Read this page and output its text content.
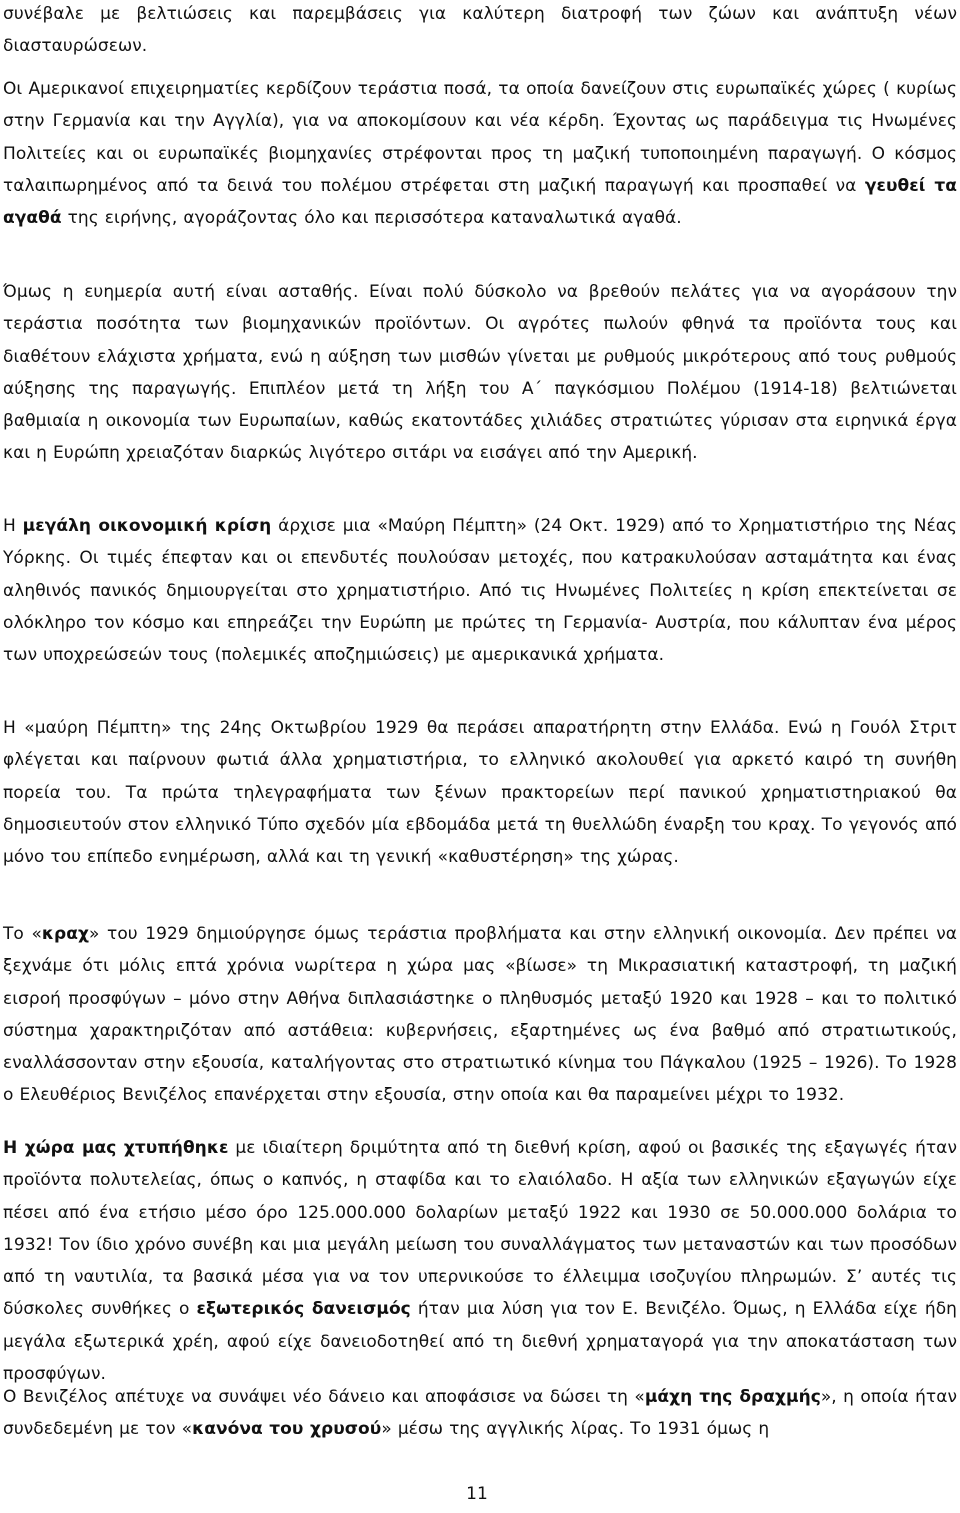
συνέβαλε με βελτιώσεις και παρεμβάσεις για καλύτερη διατροφή των ζώων και ανάπτυξη νέων διασταυρώσεων.

Οι Αμερικανοί επιχειρηματίες κερδίζουν τεράστια ποσά, τα οποία δανείζουν στις ευρωπαϊκές χώρες ( κυρίως στην Γερμανία και την Αγγλία), για να αποκομίσουν και νέα κέρδη. Έχοντας ως παράδειγμα τις Ηνωμένες Πολιτείες και οι ευρωπαϊκές βιομηχανίες στρέφονται προς τη μαζική τυποποιημένη παραγωγή. Ο κόσμος ταλαιπωρημένος από τα δεινά του πολέμου στρέφεται στη μαζική παραγωγή και προσπαθεί να γευθεί τα αγαθά της ειρήνης, αγοράζοντας όλο και περισσότερα καταναλωτικά αγαθά.

Όμως η ευημερία αυτή είναι ασταθής. Είναι πολύ δύσκολο να βρεθούν πελάτες για να αγοράσουν την τεράστια ποσότητα των βιομηχανικών προϊόντων. Οι αγρότες πωλούν φθηνά τα προϊόντα τους και διαθέτουν ελάχιστα χρήματα, ενώ η αύξηση των μισθών γίνεται με ρυθμούς μικρότερους από τους ρυθμούς αύξησης της παραγωγής. Επιπλέον μετά τη λήξη του Α΄ παγκόσμιου Πολέμου (1914-18) βελτιώνεται βαθμιαία η οικονομία των Ευρωπαίων, καθώς εκατοντάδες χιλιάδες στρατιώτες γύρισαν στα ειρηνικά έργα και η Ευρώπη χρειαζόταν διαρκώς λιγότερο σιτάρι να εισάγει από την Αμερική.

Η μεγάλη οικονομική κρίση άρχισε μια «Μαύρη Πέμπτη» (24 Οκτ. 1929) από το Χρηματιστήριο της Νέας Υόρκης. Οι τιμές έπεφταν και οι επενδυτές πουλούσαν μετοχές, που κατρακυλούσαν ασταμάτητα και ένας αληθινός πανικός δημιουργείται στο χρηματιστήριο. Από τις Ηνωμένες Πολιτείες η κρίση επεκτείνεται σε ολόκληρο τον κόσμο και επηρεάζει την Ευρώπη με πρώτες τη Γερμανία- Αυστρία, που κάλυπταν ένα μέρος των υποχρεώσεών τους (πολεμικές αποζημιώσεις) με αμερικανικά χρήματα.

Η «μαύρη Πέμπτη» της 24ης Οκτωβρίου 1929 θα περάσει απαρατήρητη στην Ελλάδα. Ενώ η Γουόλ Στριτ φλέγεται και παίρνουν φωτιά άλλα χρηματιστήρια, το ελληνικό ακολουθεί για αρκετό καιρό τη συνήθη πορεία του. Τα πρώτα τηλεγραφήματα των ξένων πρακτορείων περί πανικού χρηματιστηριακού θα δημοσιευτούν στον ελληνικό Τύπο σχεδόν μία εβδομάδα μετά τη θυελλώδη έναρξη του κραχ. Το γεγονός από μόνο του επίπεδο ενημέρωση, αλλά και τη γενική «καθυστέρηση» της χώρας.

Το «κραχ» του 1929 δημιούργησε όμως τεράστια προβλήματα και στην ελληνική οικονομία. Δεν πρέπει να ξεχνάμε ότι μόλις επτά χρόνια νωρίτερα η χώρα μας «βίωσε» τη Μικρασιατική καταστροφή, τη μαζική εισροή προσφύγων – μόνο στην Αθήνα διπλασιάστηκε ο πληθυσμός μεταξύ 1920 και 1928 – και το πολιτικό σύστημα χαρακτηριζόταν από αστάθεια: κυβερνήσεις, εξαρτημένες ως ένα βαθμό από στρατιωτικούς, εναλλάσσονταν στην εξουσία, καταλήγοντας στο στρατιωτικό κίνημα του Πάγκαλου (1925 – 1926). Το 1928 ο Ελευθέριος Βενιζέλος επανέρχεται στην εξουσία, στην οποία και θα παραμείνει μέχρι το 1932.

Η χώρα μας χτυπήθηκε με ιδιαίτερη δριμύτητα από τη διεθνή κρίση, αφού οι βασικές της εξαγωγές ήταν προϊόντα πολυτελείας, όπως ο καπνός, η σταφίδα και το ελαιόλαδο. Η αξία των ελληνικών εξαγωγών είχε πέσει από ένα ετήσιο μέσο όρο 125.000.000 δολαρίων μεταξύ 1922 και 1930 σε 50.000.000 δολάρια το 1932! Τον ίδιο χρόνο συνέβη και μια μεγάλη μείωση του συναλλάγματος των μεταναστών και των προσόδων από τη ναυτιλία, τα βασικά μέσα για να τον υπερνικούσε το έλλειμμα ισοζυγίου πληρωμών. Σ’ αυτές τις δύσκολες συνθήκες ο εξωτερικός δανεισμός ήταν μια λύση για τον Ε. Βενιζέλο. Όμως, η Ελλάδα είχε ήδη μεγάλα εξωτερικά χρέη, αφού είχε δανειοδοτηθεί από τη διεθνή χρηματαγορά για την αποκατάσταση των προσφύγων.

Ο Βενιζέλος απέτυχε να συνάψει νέο δάνειο και αποφάσισε να δώσει τη «μάχη της δραχμής», η οποία ήταν συνδεδεμένη με τον «κανόνα του χρυσού» μέσω της αγγλικής λίρας. Το 1931 όμως η

11
